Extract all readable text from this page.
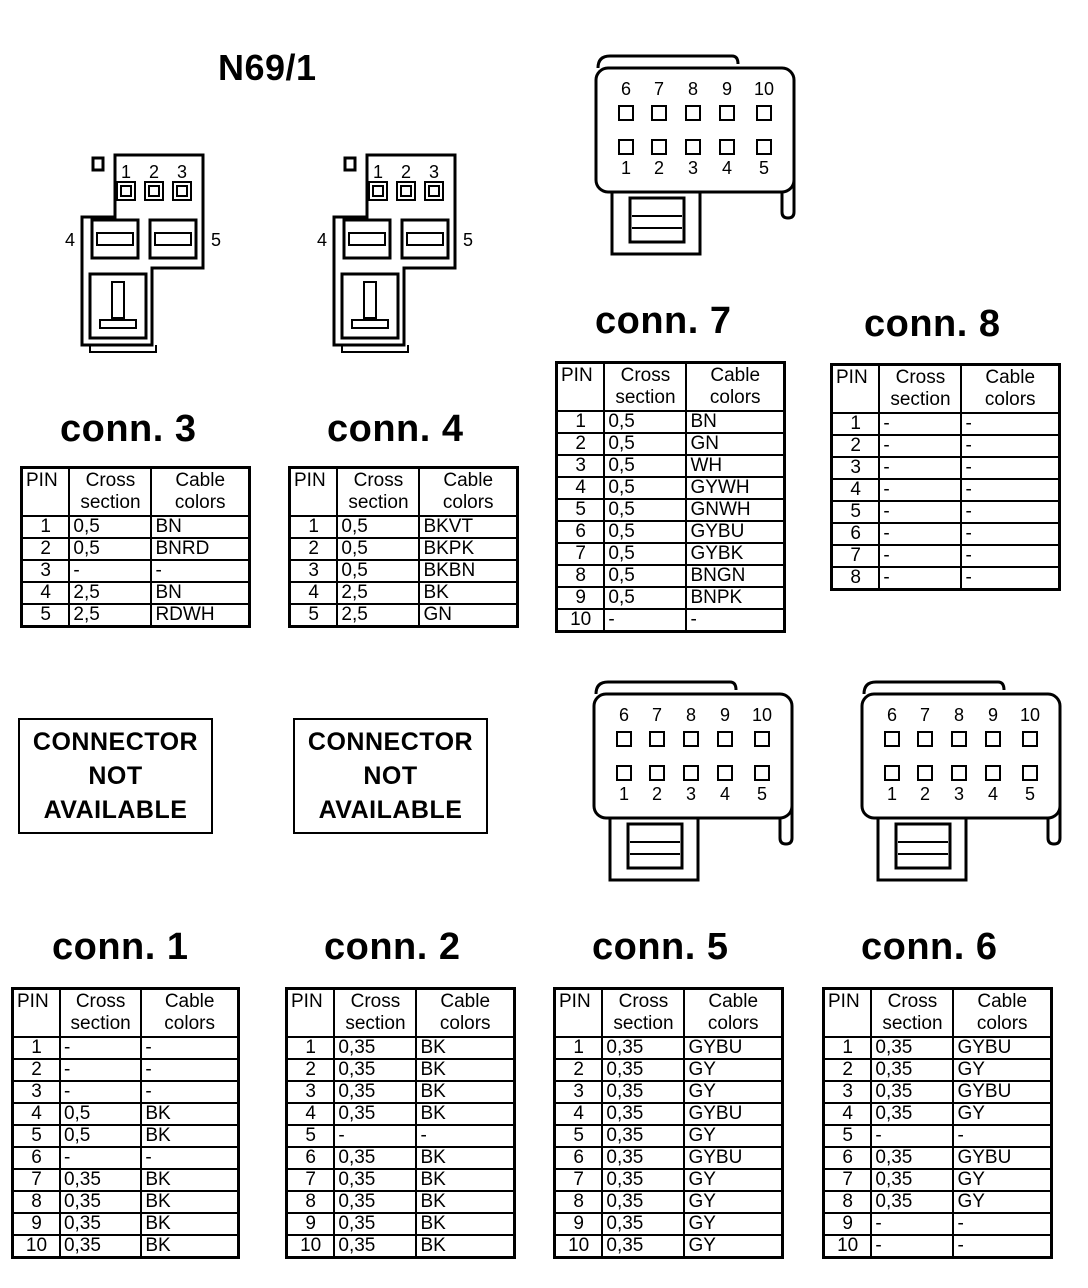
N69/1
1 2 3
4	5
1 2 3
4	5
6
1
7
2
8
3
9
4
10
5
6
1
7
2
8
3
9
4
10
5
6
1
7
2
8
3
9
4
10
5
conn. 3	conn. 4
conn. 7	conn. 8
conn. 1	conn. 2	conn. 5	conn. 6
PIN	Cross section	Cable colors
1	0,5	BN
2	0,5	BNRD
3	-	-
4	2,5	BN
5	2,5	RDWH
PIN	Cross section	Cable colors
1	0,5	BKVT
2	0,5	BKPK
3	0,5	BKBN
4	2,5	BK
5	2,5	GN
PIN	Cross section	Cable colors
1	0,5	BN
2	0,5	GN
3	0,5	WH
4	0,5	GYWH
5	0,5	GNWH
6	0,5	GYBU
7	0,5	GYBK
8	0,5	BNGN
9	0,5	BNPK
10	-	-
PIN	Cross section	Cable colors
1	-	-
2	-	-
3	-	-
4	-	-
5	-	-
6	-	-
7	-	-
8	-	-
PIN	Cross section	Cable colors
1	-	-
2	-	-
3	-	-
4	0,5	BK
5	0,5	BK
6	-	-
7	0,35	BK
8	0,35	BK
9	0,35	BK
10	0,35	BK
PIN	Cross section	Cable colors
1	0,35	BK
2	0,35	BK
3	0,35	BK
4	0,35	BK
5	-	-
6	0,35	BK
7	0,35	BK
8	0,35	BK
9	0,35	BK
10	0,35	BK
PIN	Cross section	Cable colors
1	0,35	GYBU
2	0,35	GY
3	0,35	GY
4	0,35	GYBU
5	0,35	GY
6	0,35	GYBU
7	0,35	GY
8	0,35	GY
9	0,35	GY
10	0,35	GY
PIN	Cross section	Cable colors
1	0,35	GYBU
2	0,35	GY
3	0,35	GYBU
4	0,35	GY
5	-	-
6	0,35	GYBU
7	0,35	GY
8	0,35	GY
9	-	-
10	-	-
CONNECTOR
NOT
AVAILABLE
CONNECTOR
NOT
AVAILABLE
